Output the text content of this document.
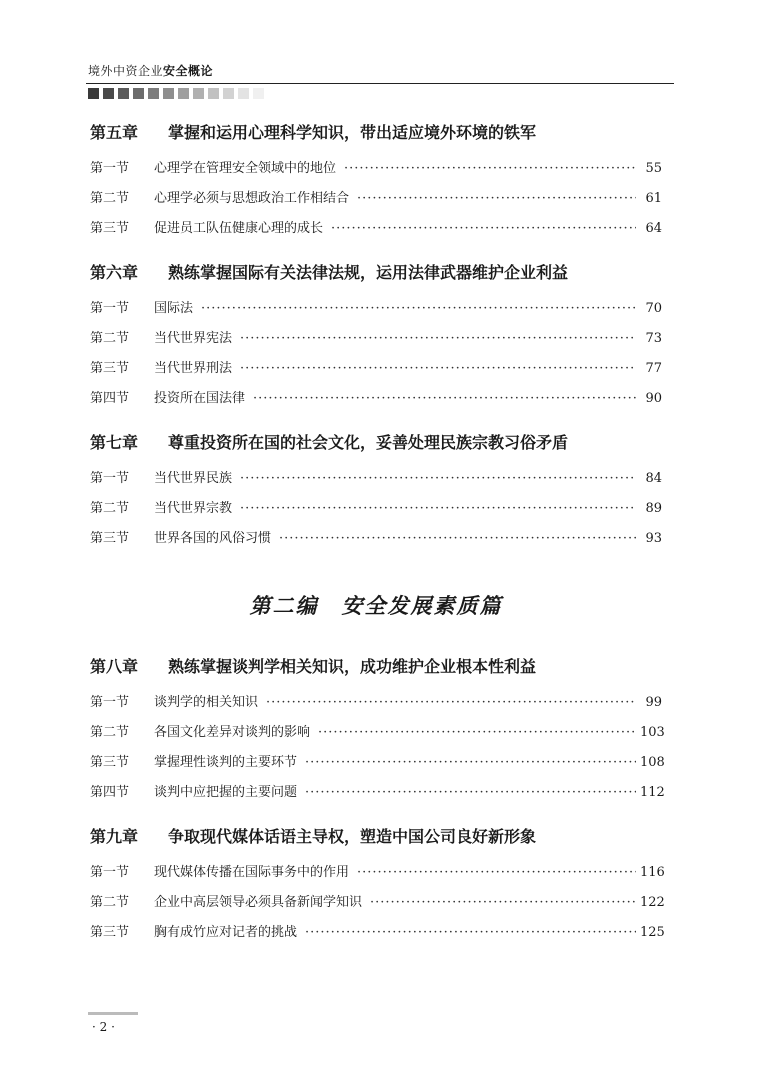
境外中资企业安全概论
第五章	掌握和运用心理科学知识，带出适应境外环境的铁军
第一节	心理学在管理安全领域中的地位 ·····	55
第二节	心理学必须与思想政治工作相结合 ·····	61
第三节	促进员工队伍健康心理的成长 ·····	64
第六章	熟练掌握国际有关法律法规，运用法律武器维护企业利益
第一节	国际法 ·····	70
第二节	当代世界宪法 ·····	73
第三节	当代世界刑法 ·····	77
第四节	投资所在国法律 ·····	90
第七章	尊重投资所在国的社会文化，妥善处理民族宗教习俗矛盾
第一节	当代世界民族 ·····	84
第二节	当代世界宗教 ·····	89
第三节	世界各国的风俗习惯 ·····	93
第二编　安全发展素质篇
第八章	熟练掌握谈判学相关知识，成功维护企业根本性利益
第一节	谈判学的相关知识 ·····	99
第二节	各国文化差异对谈判的影响 ·····	103
第三节	掌握理性谈判的主要环节 ·····	108
第四节	谈判中应把握的主要问题 ·····	112
第九章	争取现代媒体话语主导权，塑造中国公司良好新形象
第一节	现代媒体传播在国际事务中的作用 ·····	116
第二节	企业中高层领导必须具备新闻学知识 ·····	122
第三节	胸有成竹应对记者的挑战 ·····	125
· 2 ·
